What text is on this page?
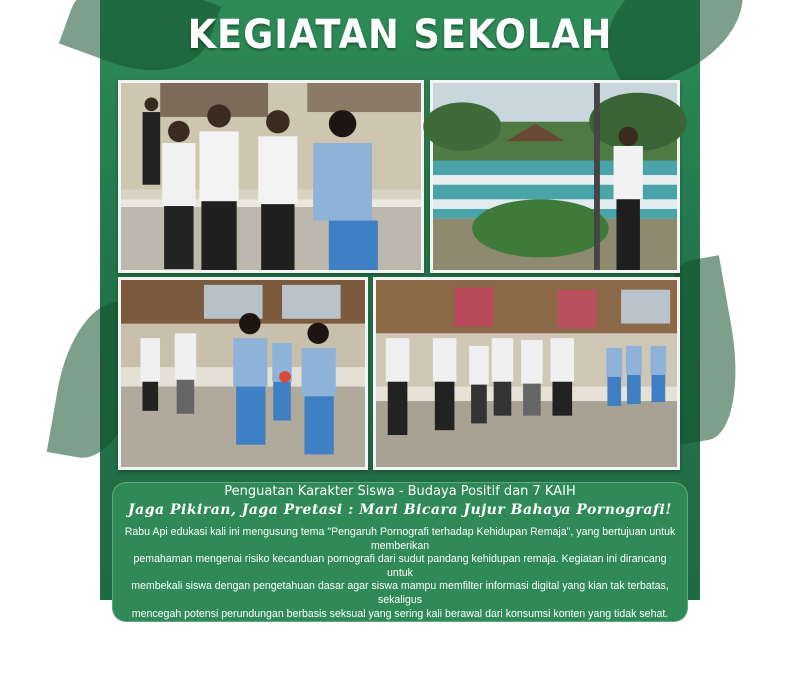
KEGIATAN SEKOLAH
Penguatan Karakter Siswa - Budaya Positif dan 7 KAIH
Jaga Pikiran, Jaga Pretasi : Mari Bicara Jujur Bahaya Pornografi!
Rabu Api edukasi kali ini mengusung tema "Pengaruh Pornografi terhadap Kehidupan Remaja", yang bertujuan untuk memberikan
pemahaman mengenai risiko kecanduan pornografi dari sudut pandang kehidupan remaja. Kegiatan ini dirancang untuk
membekali siswa dengan pengetahuan dasar agar siswa mampu memfilter informasi digital yang kian tak terbatas, sekaligus
mencegah potensi perundungan berbasis seksual yang sering kali berawal dari konsumsi konten yang tidak sehat. Siswa diajak
membedah dampak buruk pornografi, seperti kerusakan pada sistem kerja otak (khususnya bagian Pre-Frontal Cortex yang
mengatur logika), penurunan konsentrasi belajar, hingga pergeseran moral yang dapat merusak masa depan. Dampak yang
